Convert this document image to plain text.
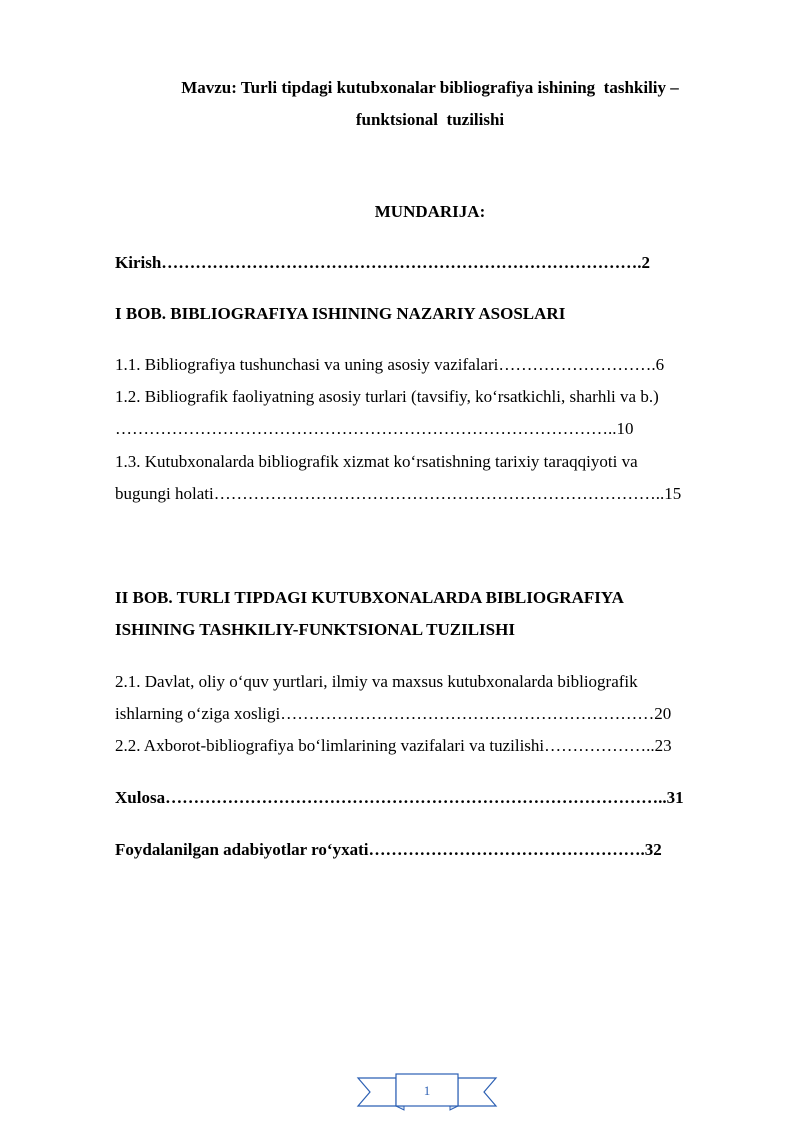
Mavzu: Turli tipdagi kutubxonalar bibliografiya ishining  tashkiliy –
funktsional  tuzilishi
MUNDARIJA:
Kirish………………………………………………………………………….2
I BOB. BIBLIOGRAFIYA ISHINING NAZARIY ASOSLARI
1.1. Bibliografiya tushunchasi va uning asosiy vazifalari……………………….6
1.2. Bibliografik faoliyatning asosiy turlari (tavsifiy, koʻrsatkichli, sharhli va b.)
……………………………………………………………………………..10
1.3. Kutubxonalarda bibliografik xizmat koʻrsatishning tarixiy taraqqiyoti va
bugungi holati……………………………………………………………………..15
II BOB. TURLI TIPDAGI KUTUBXONALARDA BIBLIOGRAFIYA
ISHINING TASHKILIY-FUNKTSIONAL TUZILISHI
2.1. Davlat, oliy oʻquv yurtlari, ilmiy va maxsus kutubxonalarda bibliografik
ishlarning oʻziga xosligi…………………………………………………………20
2.2. Axborot-bibliografiya boʻlimlarining vazifalari va tuzilishi………………..23
Xulosa……………………………………………………………………………..31
Foydalanilgan adabiyotlar roʻyxati………………………………………….32
1
